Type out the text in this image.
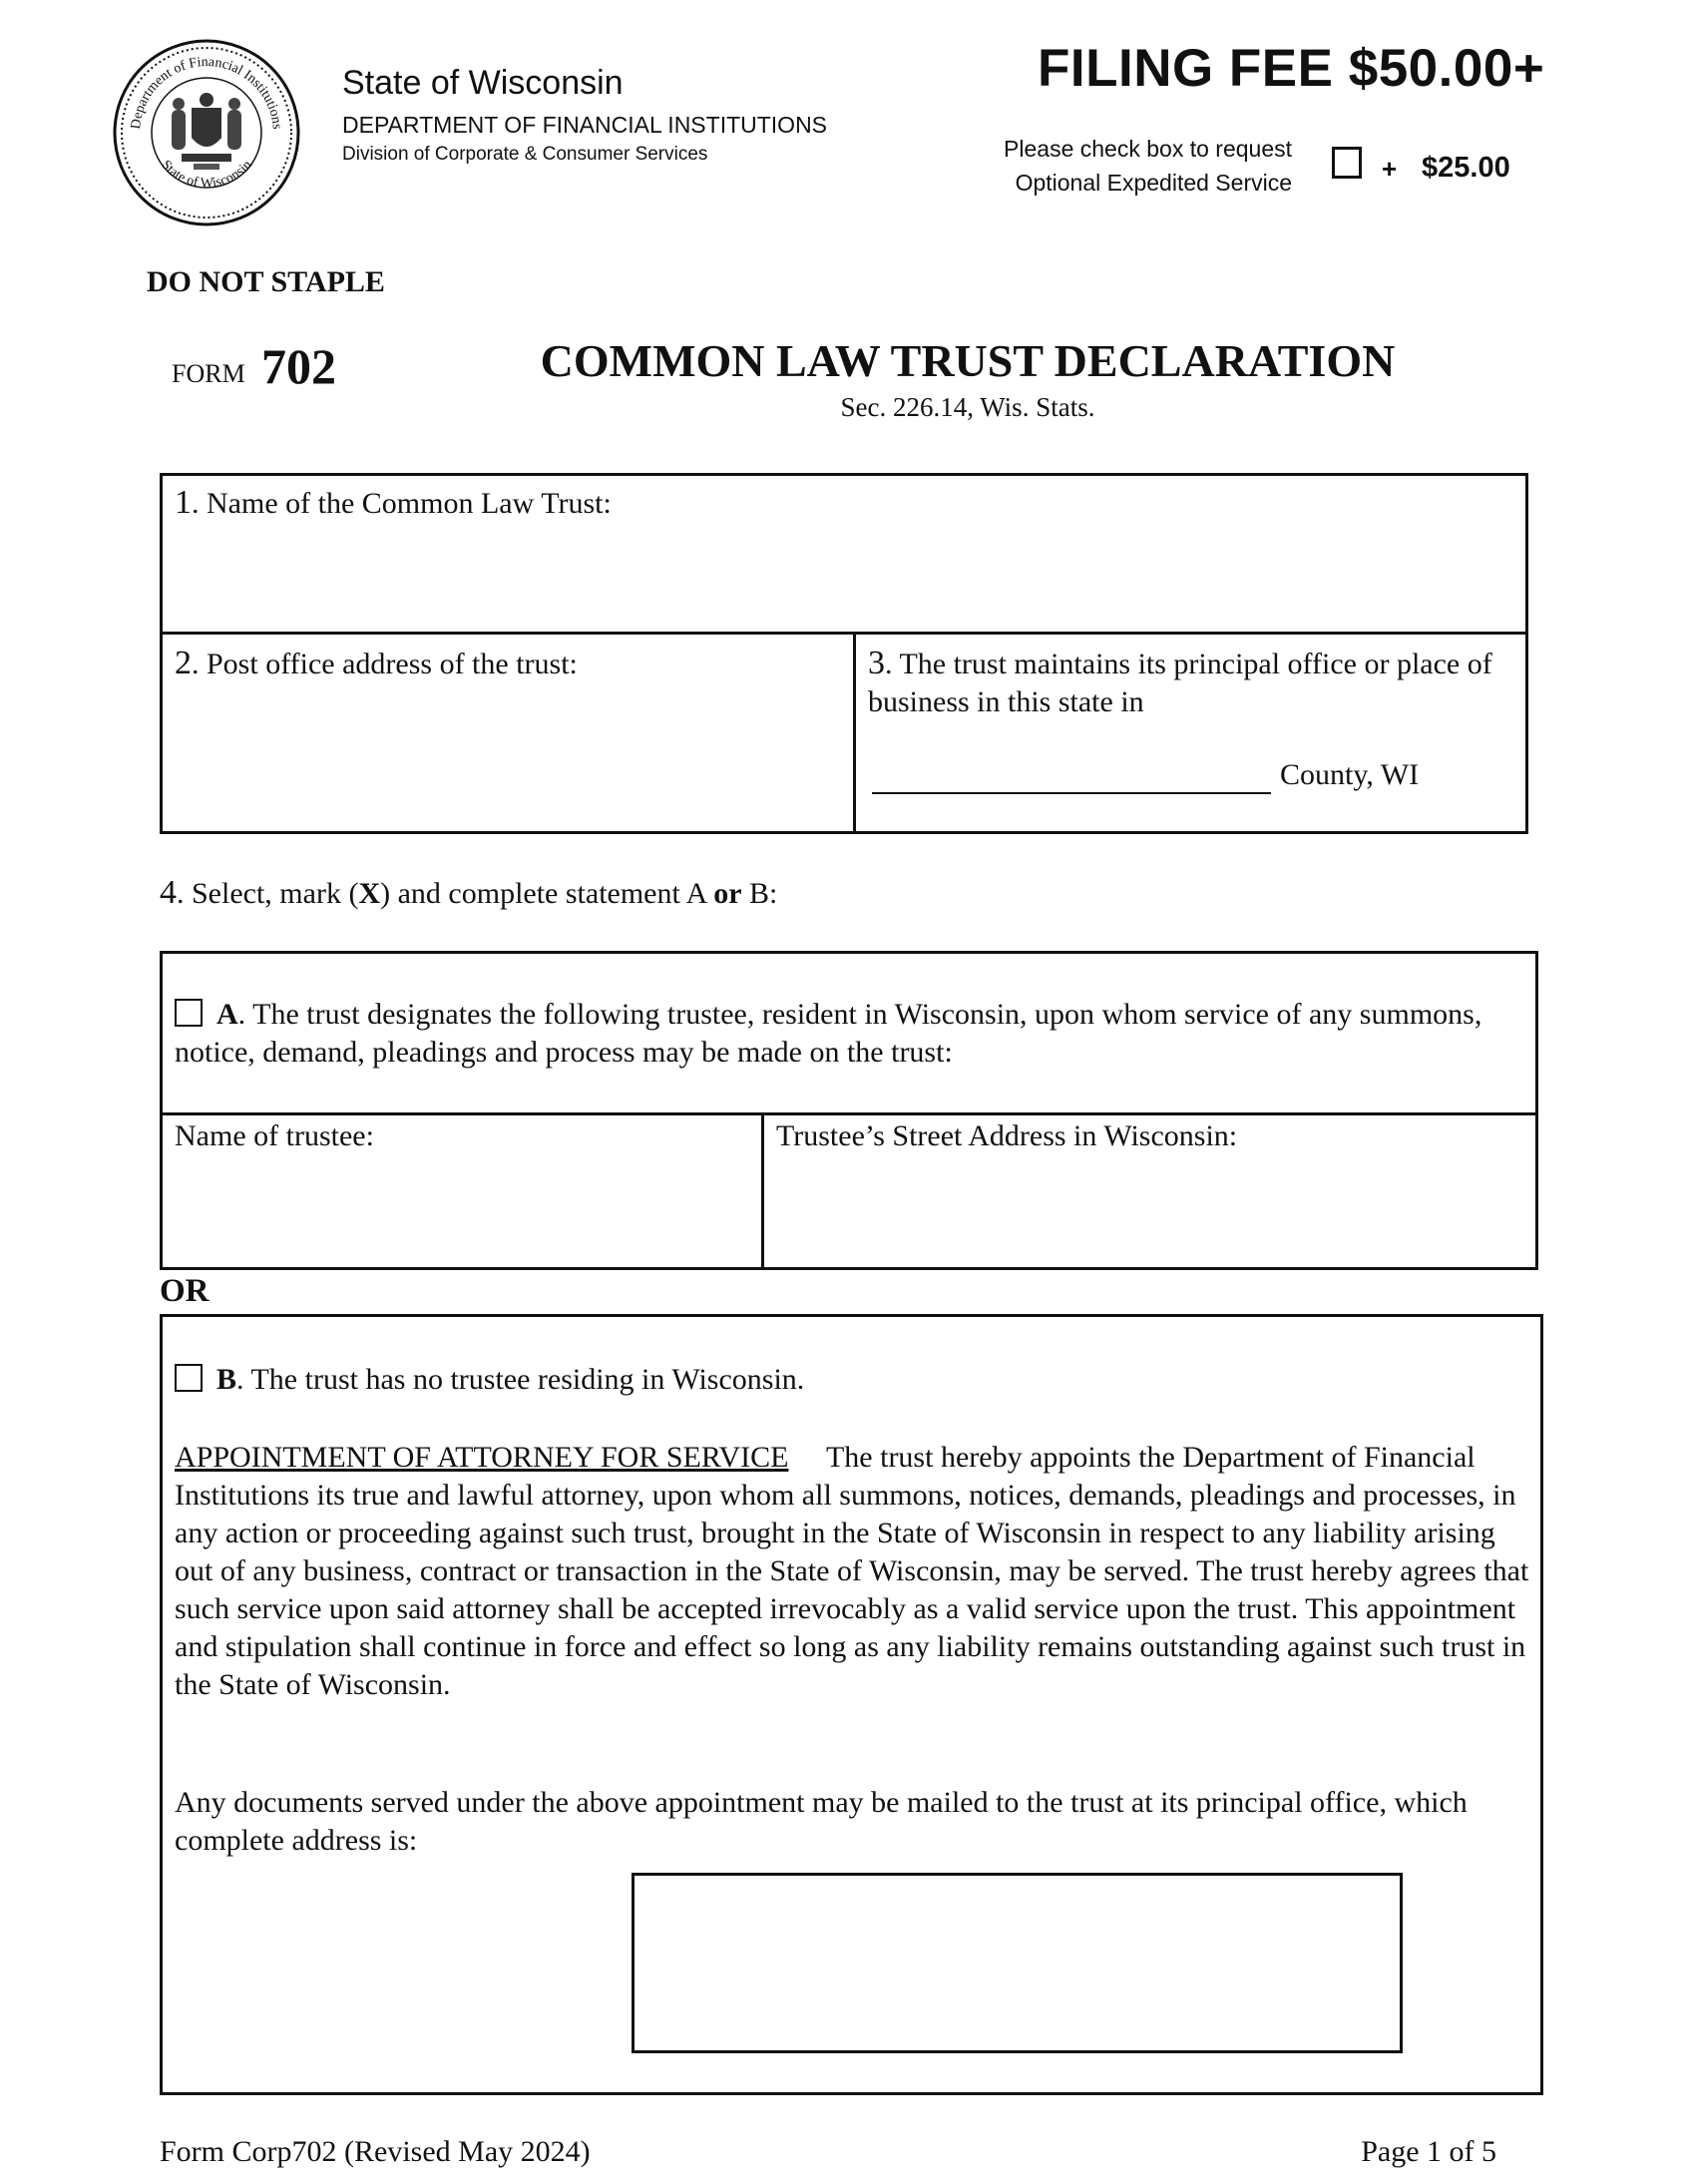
Department of Financial Institutions
State of Wisconsin
State of Wisconsin
DEPARTMENT OF FINANCIAL INSTITUTIONS
Division of Corporate & Consumer Services
FILING FEE $50.00+
Please check box to request
Optional Expedited Service	+ $25.00
DO NOT STAPLE
FORM 702	COMMON LAW TRUST DECLARATION
Sec. 226.14, Wis. Stats.
1. Name of the Common Law Trust:
2. Post office address of the trust:	3. The trust maintains its principal office or place of business in this state in
County, WI
4. Select, mark (X) and complete statement A or B:
A. The trust designates the following trustee, resident in Wisconsin, upon whom service of any summons, notice, demand, pleadings and process may be made on the trust:
Name of trustee:	Trustee’s Street Address in Wisconsin:
OR
B. The trust has no trustee residing in Wisconsin.
APPOINTMENT OF ATTORNEY FOR SERVICE The trust hereby appoints the Department of Financial Institutions its true and lawful attorney, upon whom all summons, notices, demands, pleadings and processes, in any action or proceeding against such trust, brought in the State of Wisconsin in respect to any liability arising out of any business, contract or transaction in the State of Wisconsin, may be served. The trust hereby agrees that such service upon said attorney shall be accepted irrevocably as a valid service upon the trust. This appointment and stipulation shall continue in force and effect so long as any liability remains outstanding against such trust in the State of Wisconsin.
Any documents served under the above appointment may be mailed to the trust at its principal office, which complete address is:
Form Corp702 (Revised May 2024)	Page 1 of 5
